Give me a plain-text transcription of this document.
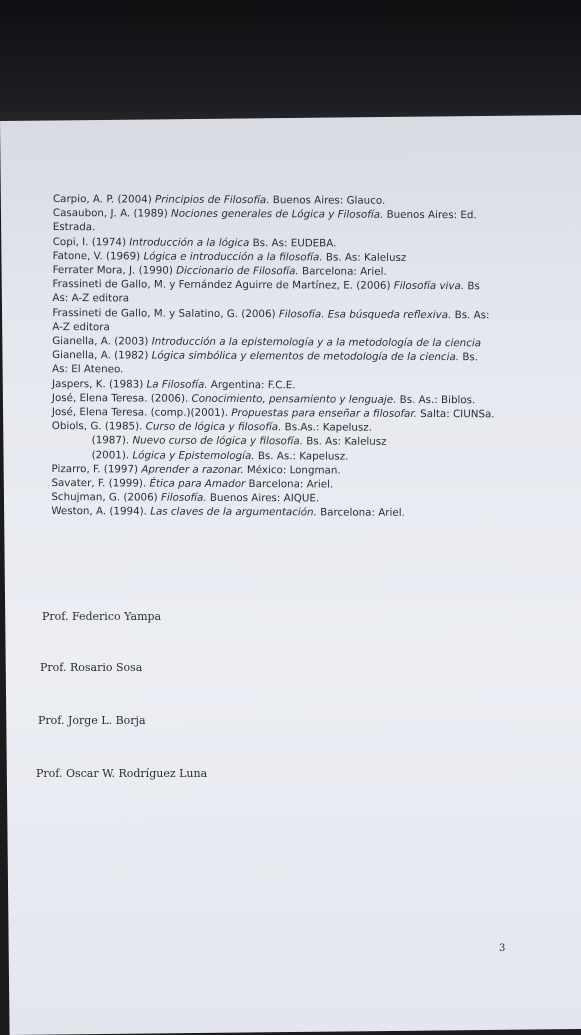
Carpio, A. P. (2004) Principios de Filosofía. Buenos Aires: Glauco.
Casaubon, J. A. (1989) Nociones generales de Lógica y Filosofía. Buenos Aires: Ed. Estrada.
Copi, I. (1974) Introducción a la lógica Bs. As: EUDEBA.
Fatone, V. (1969) Lógica e introducción a la filosofía. Bs. As: Kalelusz
Ferrater Mora, J. (1990) Diccionario de Filosofía. Barcelona: Ariel.
Frassineti de Gallo, M. y Fernández Aguirre de Martínez, E. (2006) Filosofía viva. Bs As: A-Z editora
Frassineti de Gallo, M. y Salatino, G. (2006) Filosofía. Esa búsqueda reflexiva. Bs. As: A-Z editora
Gianella, A. (2003) Introducción a la epistemología y a la metodología de la ciencia
Gianella, A. (1982) Lógica simbólica y elementos de metodología de la ciencia. Bs. As: El Ateneo.
Jaspers, K. (1983) La Filosofía. Argentina: F.C.E.
José, Elena Teresa. (2006). Conocimiento, pensamiento y lenguaje. Bs. As.: Biblos.
José, Elena Teresa. (comp.)(2001). Propuestas para enseñar a filosofar. Salta: CIUNSa.
Obiols, G. (1985). Curso de lógica y filosofía. Bs.As.: Kapelusz.
(1987). Nuevo curso de lógica y filosofía. Bs. As: Kalelusz
(2001). Lógica y Epistemología. Bs. As.: Kapelusz.
Pizarro, F. (1997) Aprender a razonar. México: Longman.
Savater, F. (1999). Ética para Amador Barcelona: Ariel.
Schujman, G. (2006) Filosofía. Buenos Aires: AIQUE.
Weston, A. (1994). Las claves de la argumentación. Barcelona: Ariel.
Prof. Federico Yampa
Prof. Rosario Sosa
Prof. Jorge L. Borja
Prof. Oscar W. Rodríguez Luna
3
